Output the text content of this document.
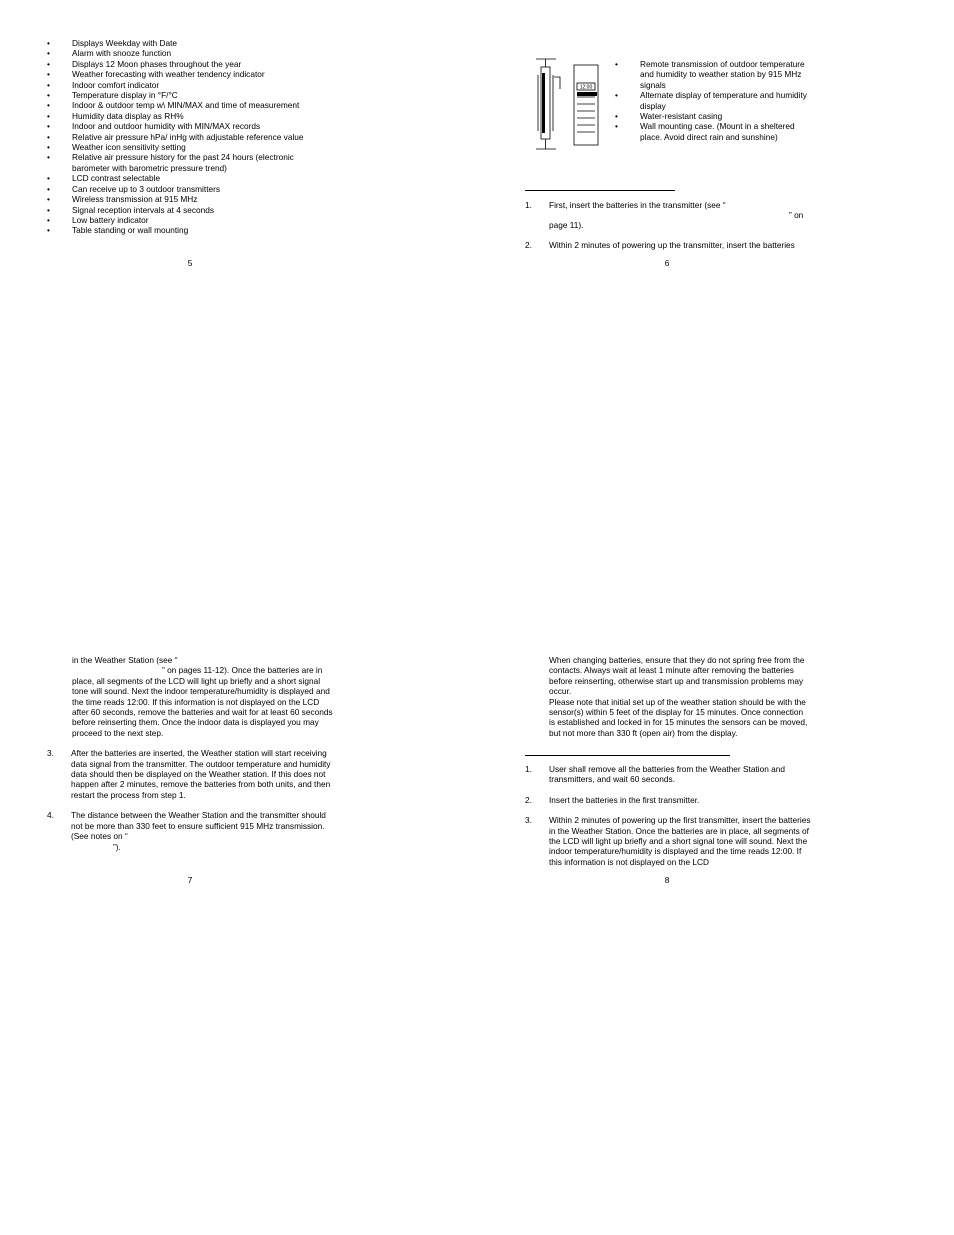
• Displays Weekday with Date
• Alarm with snooze function
• Displays 12 Moon phases throughout the year
• Weather forecasting with weather tendency indicator
• Indoor comfort indicator
• Temperature display in °F/°C
• Indoor & outdoor temp w\ MIN/MAX and time of measurement
• Humidity data display as RH%
• Indoor and outdoor humidity with MIN/MAX records
• Relative air pressure hPa/ inHg with adjustable reference value
• Weather icon sensitivity setting
• Relative air pressure history for the past 24 hours (electronic barometer with barometric pressure trend)
• LCD contrast selectable
• Can receive up to 3 outdoor transmitters
• Wireless transmission at 915 MHz
• Signal reception intervals at 4 seconds
• Low battery indicator
• Table standing or wall mounting
5
12:00
• Remote transmission of outdoor temperature and humidity to weather station by 915 MHz signals
• Alternate display of temperature and humidity display
• Water-resistant casing
• Wall mounting case. (Mount in a sheltered place. Avoid direct rain and sunshine)
1. First, insert the batteries in the transmitter (see “
” on
page 11).
2. Within 2 minutes of powering up the transmitter, insert the batteries
6

in the Weather Station (see “

” on pages 11-12). Once the batteries are in place, all segments of the LCD will light up briefly and a short signal tone will sound. Next the indoor temperature/humidity is displayed and the time reads 12:00. If this information is not displayed on the LCD after 60 seconds, remove the batteries and wait for at least 60 seconds before reinserting them. Once the indoor data is displayed you may proceed to the next step.

3. After the batteries are inserted, the Weather station will start receiving data signal from the transmitter. The outdoor temperature and humidity data should then be displayed on the Weather station. If this does not happen after 2 minutes, remove the batteries from both units, and then restart the process from step 1.
4. The distance between the Weather Station and the transmitter should not be more than 330 feet to ensure sufficient 915 MHz transmission. (See notes on “
”).
7

When changing batteries, ensure that they do not spring free from the contacts. Always wait at least 1 minute after removing the batteries before reinserting, otherwise start up and transmission problems may occur.

Please note that initial set up of the weather station should be with the sensor(s) within 5 feet of the display for 15 minutes. Once connection is established and locked in for 15 minutes the sensors can be moved, but not more than 330 ft (open air) from the display.

1. User shall remove all the batteries from the Weather Station and transmitters, and wait 60 seconds.
2. Insert the batteries in the first transmitter.
3. Within 2 minutes of powering up the first transmitter, insert the batteries in the Weather Station. Once the batteries are in place, all segments of the LCD will light up briefly and a short signal tone will sound. Next the indoor temperature/humidity is displayed and the time reads 12:00. If this information is not displayed on the LCD
8
